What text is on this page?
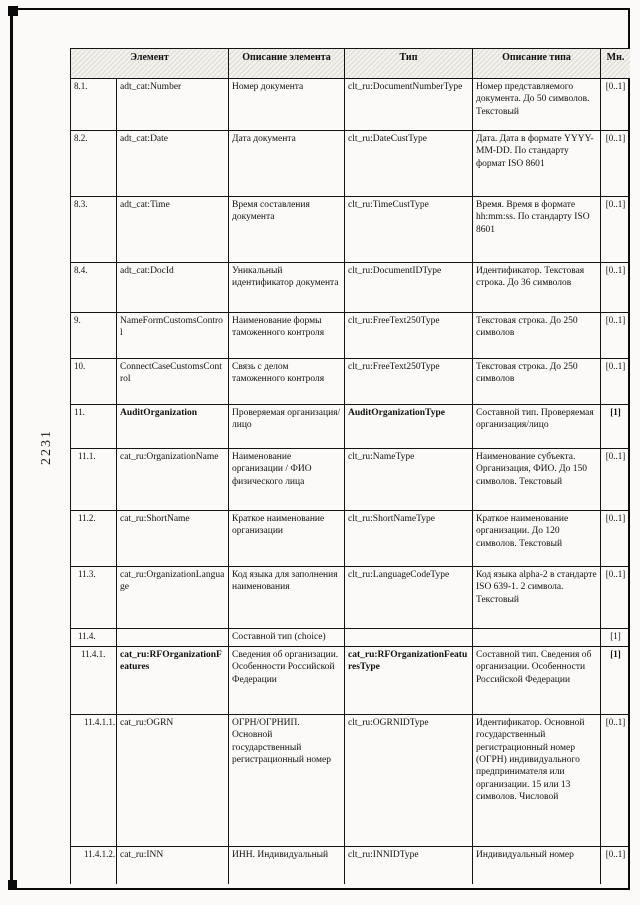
2231
Элемент		Описание элемента	Тип	Описание типа	Мн.
8.1.	adt_cat:Number	Номер документа	clt_ru:DocumentNumberType	Номер представляемого документа. До 50 символов. Текстовый	[0..1]
8.2.	adt_cat:Date	Дата документа	clt_ru:DateCustType	Дата. Дата в формате YYYY-MM-DD. По стандарту формат ISO 8601	[0..1]
8.3.	adt_cat:Time	Время составления документа	clt_ru:TimeCustType	Время. Время в формате hh:mm:ss. По стандарту ISO 8601	[0..1]
8.4.	adt_cat:DocId	Уникальный идентификатор документа	clt_ru:DocumentIDType	Идентификатор. Текстовая строка. До 36 символов	[0..1]
9.	NameFormCustomsControl	Наименование формы таможенного контроля	clt_ru:FreeText250Type	Текстовая строка. До 250 символов	[0..1]
10.	ConnectCaseCustomsControl	Связь с делом таможенного контроля	clt_ru:FreeText250Type	Текстовая строка. До 250 символов	[0..1]
11.	AuditOrganization	Проверяемая организация/лицо	AuditOrganizationType	Составной тип. Проверяемая организация/лицо	[1]
11.1.	cat_ru:OrganizationName	Наименование организации / ФИО физического лица	clt_ru:NameType	Наименование субъекта. Организация, ФИО. До 150 символов. Текстовый	[0..1]
11.2.	cat_ru:ShortName	Краткое наименование организации	clt_ru:ShortNameType	Краткое наименование организации. До 120 символов. Текстовый	[0..1]
11.3.	cat_ru:OrganizationLanguage	Код языка для заполнения наименования	clt_ru:LanguageCodeType	Код языка alpha-2 в стандарте ISO 639-1. 2 символа. Текстовый	[0..1]
11.4.		Составной тип (choice)			[1]
11.4.1.	cat_ru:RFOrganizationFeatures	Сведения об организации. Особенности Российской Федерации	cat_ru:RFOrganizationFeaturesType	Составной тип. Сведения об организации. Особенности Российской Федерации	[1]
11.4.1.1.	cat_ru:OGRN	ОГРН/ОГРНИП. Основной государственный регистрационный номер	clt_ru:OGRNIDType	Идентификатор. Основной государственный регистрационный номер (ОГРН) индивидуального предпринимателя или организации. 15 или 13 символов. Числовой	[0..1]
11.4.1.2.	cat_ru:INN	ИНН. Индивидуальный	clt_ru:INNIDType	Индивидуальный номер	[0..1]
